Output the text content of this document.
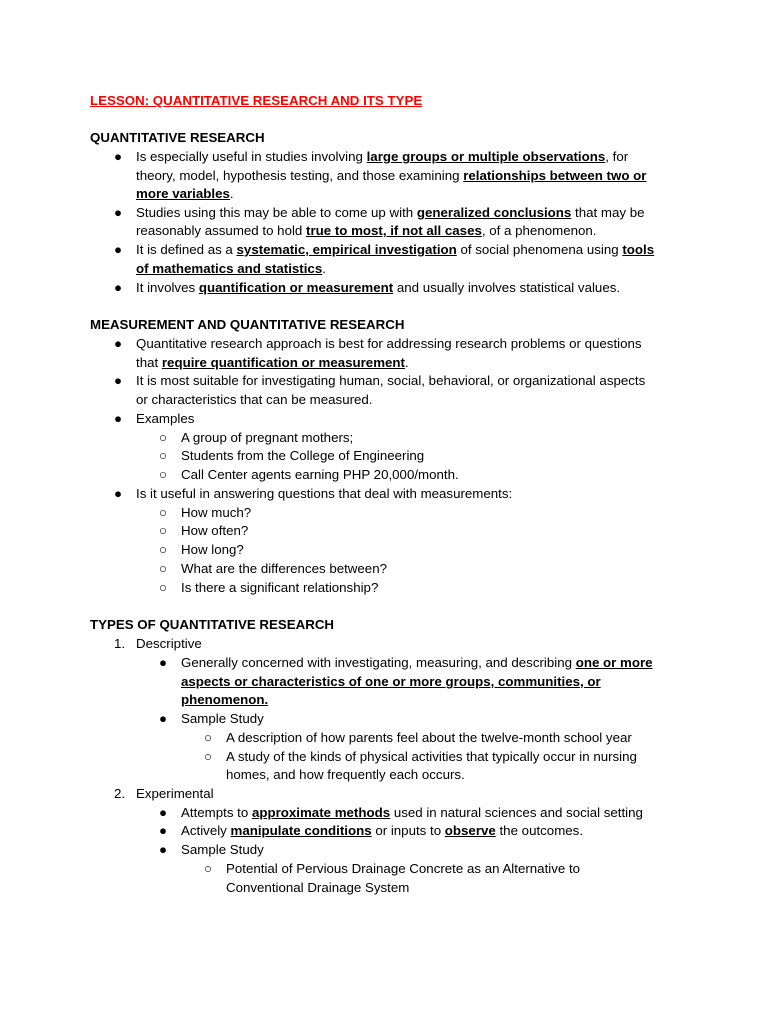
LESSON: QUANTITATIVE RESEARCH AND ITS TYPE
QUANTITATIVE RESEARCH
● Is especially useful in studies involving large groups or multiple observations, for
theory, model, hypothesis testing, and those examining relationships between two or
more variables.
● Studies using this may be able to come up with generalized conclusions that may be
reasonably assumed to hold true to most, if not all cases, of a phenomenon.
● It is defined as a systematic, empirical investigation of social phenomena using tools
of mathematics and statistics.
● It involves quantification or measurement and usually involves statistical values.
MEASUREMENT AND QUANTITATIVE RESEARCH
● Quantitative research approach is best for addressing research problems or questions
that require quantification or measurement.
● It is most suitable for investigating human, social, behavioral, or organizational aspects
or characteristics that can be measured.
● Examples
○ A group of pregnant mothers;
○ Students from the College of Engineering
○ Call Center agents earning PHP 20,000/month.
● Is it useful in answering questions that deal with measurements:
○ How much?
○ How often?
○ How long?
○ What are the differences between?
○ Is there a significant relationship?
TYPES OF QUANTITATIVE RESEARCH
1. Descriptive
● Generally concerned with investigating, measuring, and describing one or more
aspects or characteristics of one or more groups, communities, or
phenomenon.
● Sample Study
○ A description of how parents feel about the twelve-month school year
○ A study of the kinds of physical activities that typically occur in nursing
homes, and how frequently each occurs.
2. Experimental
● Attempts to approximate methods used in natural sciences and social setting
● Actively manipulate conditions or inputs to observe the outcomes.
● Sample Study
○ Potential of Pervious Drainage Concrete as an Alternative to
Conventional Drainage System
